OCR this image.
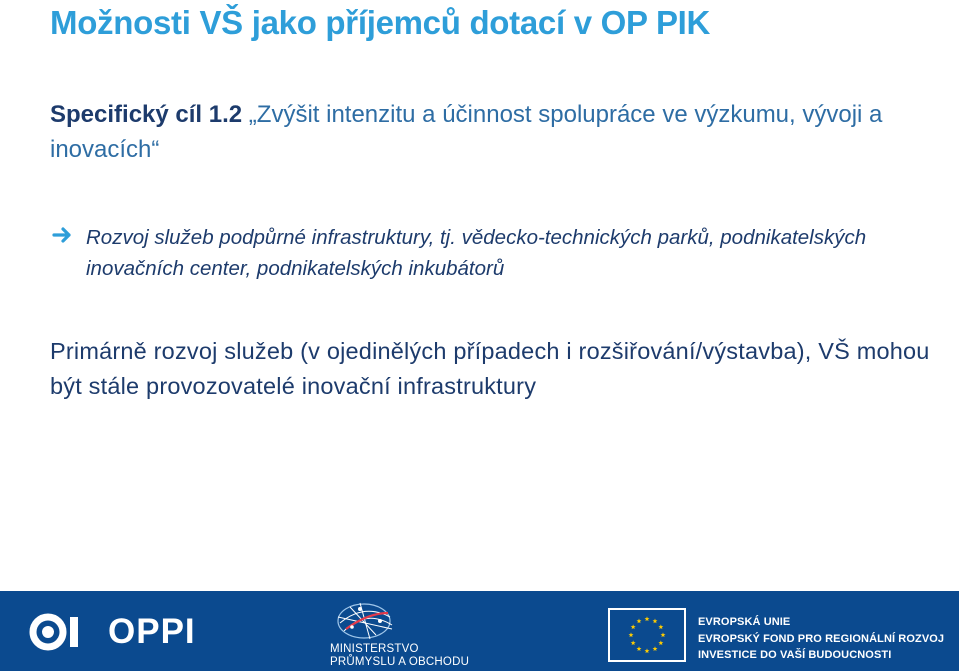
Možnosti VŠ jako příjemců dotací v OP PIK
Specifický cíl 1.2 „Zvýšit intenzitu a účinnost spolupráce ve výzkumu, vývoji a inovacích“
Rozvoj služeb podpůrné infrastruktury, tj. vědecko-technických parků, podnikatelských inovačních center, podnikatelských inkubátorů
Primárně rozvoj služeb (v ojedinělých případech i rozšiřování/výstavba), VŠ mohou být stále provozovatelé inovační infrastruktury
OPPI	MINISTERSTVO
PRŮMYSLU A OBCHODU
EVROPSKÁ UNIE
EVROPSKÝ FOND PRO REGIONÁLNÍ ROZVOJ
INVESTICE DO VAŠÍ BUDOUCNOSTI
